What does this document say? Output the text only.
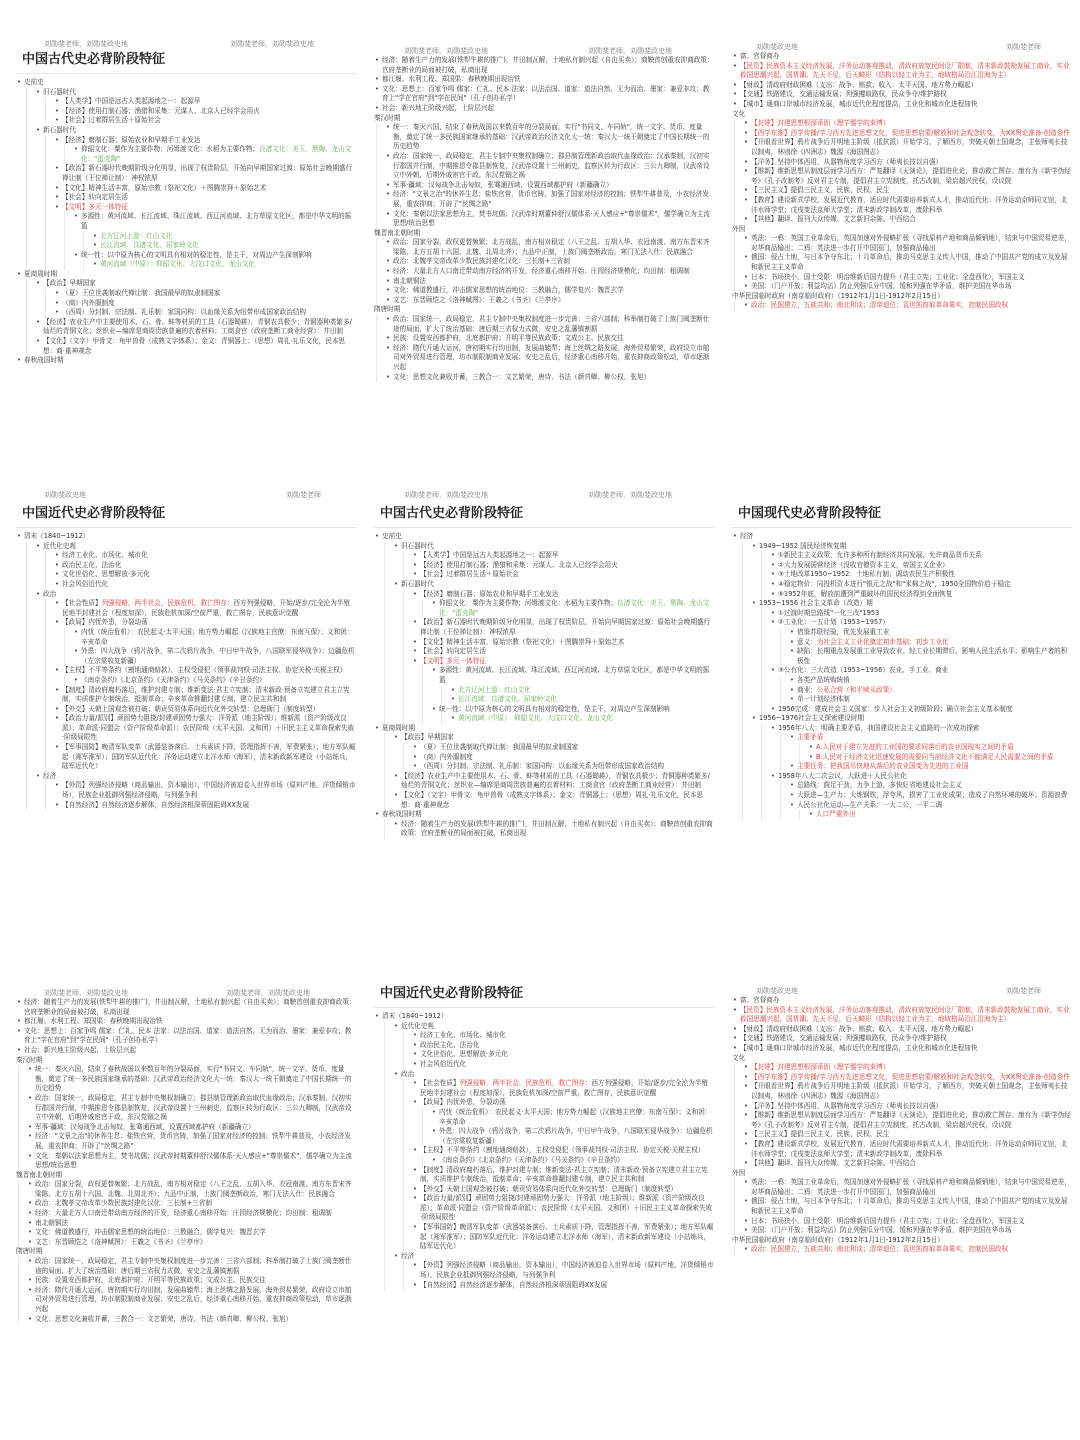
刘勋斐老师，刘勋斐政史地	刘勋斐老师，刘勋斐政史地
中国古代史必背阶段特征
• 史前史
• 旧石器时代
• 【人类学】中国是远古人类起源地之一：起源早
• 【经济】使用打制石器；渔猎和采集：元谋人、北京人已经学会用火
• 【社会】过着群居生活＋原始社会
• 新石器时代
• 【经济】磨制石器；原始农业和早期手工业发达
• 仰韶文化：粟作为主要作物；河姆渡文化：水稻为主要作物；良渚文化：美玉、黑陶、龙山文化："蛋壳陶"
• 【政治】新石器时代晚期阶级分化明显，出现了权贵阶层，开始向早期国家过渡：原始社会晚期盛行禅让制（王位禅让制）：神权浓厚
• 【文化】精神生活丰富，原始宗教（祭祀文化）＋图腾崇拜＋原始艺术
• 【社会】转向定居生活
• 【文明】多元一体特征
• 多源性：黄河流域、长江流域、珠江流域、西辽河流域、北方草原文化区，都是中华文明的摇篮
• 北方辽河上游：红山文化
• 长江流域：良渚文化、屈家岭文化
• 统一性：以中原为核心的文明具有相对的稳定性，是主干，对周边产生深刻影响
• 黄河流域（中原）：仰韶文化、大汶口文化、龙山文化
• 夏商周时期
• 【政治】早期国家
• （夏）王位世袭制取代禅让制：我国最早的奴隶制国家
• （商）内外服制度
• （西周）分封制、宗法制、礼乐制：家国同构：以血缘关系为纽带形成国家政治结构
• 【经济】农业生产中主要使用木、石、骨、蚌等材质的工具（石器锄耕），青铜农具极少；青铜器种类繁多/灿烂的青铜文化；丝织业—编席是商周贵族普遍的衣着材料；工商食官（政府垄断工商业经营）：井田制
• 【文化】（文字）甲骨文：龟甲兽骨（成熟文字体系）；金文：青铜器上；（思想）周礼·礼乐文化，民本思想：商·重神观念
• 春秋战国时期
刘勋斐老师，刘勋斐政史地	刘勋斐老师，刘勋斐政史地
• 经济：随着生产力的发展(铁犁牛耕的推广)，井田制瓦解，土地私有制兴起（自由买卖）；商鞅首创重农抑商政策：官府垄断业的局面被打破，私商出现
• 都江堰、水利工程、郑国渠：春秋晚期出现冶铁
• 文化：思想上：百家争鸣 儒家：仁礼、民本 法家：以法治国、道家：道法自然、无为而治、墨家：兼爱非攻；教育上"学在官府"到"学在民间"（孔子创办私学）
• 社会：新兴地主阶级兴起，士阶层兴起
• 秦汉时期
• 统一：秦灭六国，结束了春秋战国以来数百年的分裂局面，实行"书同文、车同轨"，统一文字、货币、度量衡，奠定了统一多民族国家继承的基础：汉武帝政治经济文化大一统：秦汉大一统王朝奠定了中国长期统一的历史趋势
• 政治：国家统一，政局稳定，君主专制中央集权制确立；郡县制管理新政治取代血缘政治；汉承秦制，汉初实行郡国并行制，中期推恩令郡县制恢复，汉武帝设置十三州刺史，监察区转为行政区：三公九卿制，汉武帝设立中外朝，后期外戚宦官干政，东汉党锢之祸
• 军事·疆域：汉匈战争北击匈奴，张骞通西域，设置西域都护府（新疆确立）
• 经济："文景之治"的休养生息；盐铁官营，货币官铸，加强了国家对经济的控制；铁犁牛耕普及，小农经济发展，重农抑商；开辟了"丝绸之路"
• 文化：秦朝以法家思想为主，焚书坑儒；汉武帝时期董仲舒汉儒体系·天人感应+"尊崇儒术"，儒学确立为主流思想/统治思想
• 魏晋南北朝时期
• 政治：国家分裂，政权更替频繁；北方战乱，南方相对稳定（八王之乱、五胡入华、衣冠南渡、南方东晋宋齐梁陈、北方五胡十六国、北魏、北周北齐）；九品中正制，士族门阀垄断政治，寒门无法入仕：民族融合
• 政治：北魏孝文帝改革少数民族封建化汉化：三长制+三省制
• 经济：大量北方人口南迁带动南方经济的开发，经济重心南移开始：庄园经济规模化；均田制：租调制
• 南北朝铜法
• 文化：佛道教盛行，冲击儒家思想的统治地位：三教融合，儒学复兴：魏晋玄学
• 文艺：东晋顾恺之《洛神赋图》：王羲之《书圣》《兰亭序》
• 隋唐时期
• 政治：国家统一，政局稳定，君主专制中央集权制度进一步完善：三省六部制；科举制打破了士族门阀垄断仕途的局面，扩大了统治基础：唐后期三省权力式微，安史之乱藩镇割据
• 民族：设置安西都护府，北庭都护府；开明平等民族政策；文成公主、民族交往
• 经济：隋代开通大运河，唐初期实行均田制，发展曲辕犁；海上丝绸之路发展，海外贸易繁荣，政府设立市舶司对外贸易进行管理，坊市制限制商业发展；安史之乱后，经济重心南移开始，重农抑商政策松动，草市逐渐兴起
• 文化：思想文化兼收并蓄，三教合一：文艺繁荣，唐诗、书法（颜真卿、柳公权、张旭）
刘勋斐政史地	刘勋斐老师
• 富、官督商办
• 【民资】民族资本主义经济发展，洋务运动客观推动，清政府放宽民间设厂限制，清末新政鼓励发展工商业，实业救国思潮兴起，国货潮、先天不足，后天畸形（结构以轻工业为主，地域格局沿江沿海为主）
• 【财政】清政府财政困难（支出：战争、赔款；收入：太平天国、地方势力崛起）
• 【交通】铁路建设，交通运输发展；列强攫取路权，民众争夺/维护路权
• 【城市】通商口岸城市经济发展，城市近代化程度提高，工业化和城市化进程加快
• 文化
• 【封建】封建思想根深蒂固（理学儒学的束缚）
• 【西学东渐】西学传播/学习西方先进思想文化，促进思想启蒙/解放和社会观念转变，为XX舆论准备·创造条件
• 【开眼看世界】鸦片战争后开明地主阶级（抵抗派）开始学习，了解西方，突破天朝上国观念，主张师夷长技以制夷，林则徐《四洲志》魏源《海国图志》
• 【洋务】坚持中体西用，从器物角度学习西方（师夷长技以自强）
• 【维新】维新思想从制度层面学习西方：严复翻译《天演论》，提倡进化论，推动救亡图存；康有为《新学伪经考》《孔子改制考》反对君主专制，提倡君主立宪制度，托古改制，梁启超兴民权，设议院
• 【三民主义】提倡三民主义，民族、民权、民生
• 【教育】建设新式学校，发展近代教育，适应时代需要培养新式人才，推动近代化：洋务运动京师同文馆，北洋水师学堂；戊戌变法京师大学堂；清末新政学制改革，废除科举
• 【其他】翻译、报刊大众传媒、文艺新旧杂陈、中西结合
• 外因
• 英法：一鸦：英国工业革命后，英国加速对外侵略扩张（寻找原料产地和商品倾销地），结束与中国贸易逆差，对华商品输出；二鸦：英法进一步打开中国国门，加强商品输出
• 俄国：侵占土地，与日本争夺东北；十月革命后，推动马克思主义传入中国，推动了中国共产党的成立及发展和新民主主义革命
• 日本：书场狭小，国土受限：明治维新后国力提升（君主立宪；工业化；全盘西化），军国主义
• 美国：（门户开放；利益均沾）防止列强瓜分中国，缓和列强在华矛盾，维护美国在华市场
• 中华民国临时政府（南京临时政府）（1912年1月1日-1912年2月15日）
• 政治：民国建立，五族共和；南北和谈；清帝退位；袁世凯窃取革命果实，控制民国政权
刘勋斐政史地	刘勋斐老师
中国近代史必背阶段特征
• 清末（1840~1912）
• 近代化史观
• 经济工业化、市场化、城市化
• 政治民主化、法治化
• 文化世俗化、思想解放·多元化
• 社会风俗近代化
• 政治
• 【社会性质】列强侵略，两半社会，民族危机，救亡图存：西方列强侵略，开始/逐步/完全沦为半殖民地半封建社会（程度加深），民族危机加深/空前严重，救亡图存，民族意识觉醒
• 【政局】内忧外患，分裂动荡
• 内忧（统治危机）：农民起义·太平天国；地方势力崛起（汉族地主官僚：东南互保）；义和团：辛亥革命
• 外患：四大战争（鸦片战争，第二次鸦片战争，中日甲午战争，八国联军侵华战争）：边疆危机（左宗棠收复新疆）
• 【主权】不平等条约（割地通商赔款），主权受侵犯（领事裁判权·司法主权、协定关税·关税主权）
• 《南京条约》《北京条约》《天津条约》《马关条约》《辛丑条约》
• 【制度】清政府腐朽落后，维护封建专制；维新变法·君主立宪制；清末新政·预备立宪建立君主立宪制，实质维护专制统治，抵制革命；辛亥革命推翻封建专制，建立民主共和制
• 【外交】天朝上国观念被打破；朝贡贸易体系向近代化外交转型：总理衙门（制度转型）
• 【政治力量/派别】顽固势力阻挠/封建顽固势力强大：洋务派（地主阶级）；维新派（资产阶级改良派）；革命派·同盟会（资产阶级革命派）；农民阶级（太平天国、义和团）＋旧民主主义革命探索失败·阶级局限性
• 【军事国防】晚清军队变革（武器装备落后、士兵素质下降，管理指挥不善，军费紧张）；地方军队崛起（湘军淮军）；国防军队近代化：洋务运动建立北洋水师（海军），清末新政新军建设（小站练兵，陆军近代化）
• 经济
• 【外资】列强经济侵略（商品输出，资本输出），中国经济被迫卷入世界市场（原料产地，洋货倾销市场），民族企业抵御列强经济侵略，与列强争利
• 【自然经济】自然经济逐步解体，自然经济根深蒂固阻碍XX发展
刘勋斐老师，刘勋斐政史地	刘勋斐老师，刘勋斐政史地
中国古代史必背阶段特征
• 史前史
• 旧石器时代
• 【人类学】中国是远古人类起源地之一：起源早
• 【经济】使用打制石器；渔猎和采集：元谋人、北京人已经学会用火
• 【社会】过着群居生活＋原始社会
• 新石器时代
• 【经济】磨制石器；原始农业和早期手工业发达
• 仰韶文化：粟作为主要作物；河姆渡文化：水稻为主要作物；良渚文化：美玉、黑陶、龙山文化："蛋壳陶"
• 【政治】新石器时代晚期阶级分化明显，出现了权贵阶层，开始向早期国家过渡：原始社会晚期盛行禅让制（王位禅让制）：神权浓厚
• 【文化】精神生活丰富，原始宗教（祭祀文化）＋图腾崇拜＋原始艺术
• 【社会】转向定居生活
• 【文明】多元一体特征
• 多源性：黄河流域、长江流域、珠江流域、西辽河流域、北方草原文化区，都是中华文明的摇篮
• 北方辽河上游：红山文化
• 长江流域：良渚文化、屈家岭文化
• 统一性：以中原为核心的文明具有相对的稳定性，是主干，对周边产生深刻影响
• 黄河流域（中原）：仰韶文化、大汶口文化、龙山文化
• 夏商周时期
• 【政治】早期国家
• （夏）王位世袭制取代禅让制：我国最早的奴隶制国家
• （商）内外服制度
• （西周）分封制、宗法制、礼乐制：家国同构：以血缘关系为纽带形成国家政治结构
• 【经济】农业生产中主要使用木、石、骨、蚌等材质的工具（石器锄耕），青铜农具极少；青铜器种类繁多/灿烂的青铜文化；丝织业—编席是商周贵族普遍的衣着材料；工商食官（政府垄断工商业经营）：井田制
• 【文化】（文字）甲骨文：龟甲兽骨（成熟文字体系）；金文：青铜器上；（思想）周礼·礼乐文化，民本思想：商·重神观念
• 春秋战国时期
• 经济：随着生产力的发展(铁犁牛耕的推广)，井田制瓦解，土地私有制兴起（自由买卖）；商鞅首创重农抑商政策：官府垄断业的局面被打破，私商出现
中国现代史必背阶段特征
• 经济
• 1949~1952 国民经济恢复期
• ①新民主主义政策，允许多种所有制经济共同发展，允许商品货币关系
• ②大力发展国营经济（没收官僚资本主义，帝国主义企业）
• ③土地改革1950~1952：土地私有制；调动农民生产积极性
• ④稳定物价：同投机资本进行"银元之战"和"米棉之战"，1950全国物价趋于稳定
• ⑤1952年底，解放前遭到严重破坏的国民经济得到全面恢复
• 1953~1956 社会主义革命（改造）期
• ①过渡时期总路线"一化三改"1953
• ②工业化：一五计划（1953~1957）
• 借鉴苏联经验，优先发展重工业
• 意义：为社会主义工业化奠定初步基础：初步工业化
• 缺陷：长期重点发展重工业导致农业、轻工业长期滞后，影响人民生活水平；影响生产者的积极性
• ③公有化：三大改造（1953~1956）农业、手工业、商业
• 各类产品统购统销
• 商业：公私合营（和平赎买政策）
• 单一计划经济体制
• 1956完成：建成社会主义国家：步入社会主义初级阶段；确立社会主义基本制度
• 1956~1976社会主义探索建设时期
• 1956年八大：明确主要矛盾，我国建设社会主义道路的一次成功探索
• 主要矛盾
• A.人民对于建立先进的工业国的要求同落后的农业国现实之间的矛盾
• B.人民对于经济文化迅速发展的需要同当前经济文化不能满足人民需要之间的矛盾
• 主要任务：把我国尽快地从落后的农业国变为先进的工业国
• 1958年八大二次会议，大跃进＋人民公社化
• 总路线：鼓足干劲，力争上游，多快好省地建设社会主义
• 大跃进—生产力：大炼钢铁，浮夸风，损害了工业化成果；造成了自然环境的破坏；资源浪费
• 人民公社化运动—生产关系：一大二公，一平二调
• 人口严重外出
刘勋斐老师，刘勋斐政史地	刘勋斐老师，刘勋斐政史地
• 经济：随着生产力的发展(铁犁牛耕的推广)，井田制瓦解，土地私有制兴起（自由买卖）；商鞅首创重农抑商政策：官府垄断业的局面被打破，私商出现
• 都江堰、水利工程、郑国渠：春秋晚期出现冶铁
• 文化：思想上：百家争鸣 儒家：仁礼、民本 法家：以法治国、道家：道法自然、无为而治、墨家：兼爱非攻；教育上"学在官府"到"学在民间"（孔子创办私学）
• 社会：新兴地主阶级兴起，士阶层兴起
• 秦汉时期
• 统一：秦灭六国，结束了春秋战国以来数百年的分裂局面，实行"书同文、车同轨"，统一文字、货币、度量衡，奠定了统一多民族国家继承的基础：汉武帝政治经济文化大一统：秦汉大一统王朝奠定了中国长期统一的历史趋势
• 政治：国家统一，政局稳定，君主专制中央集权制确立；郡县制管理新政治取代血缘政治；汉承秦制，汉初实行郡国并行制，中期推恩令郡县制恢复，汉武帝设置十三州刺史，监察区转为行政区：三公九卿制，汉武帝设立中外朝，后期外戚宦官干政，东汉党锢之祸
• 军事·疆域：汉匈战争北击匈奴，张骞通西域，设置西域都护府（新疆确立）
• 经济："文景之治"的休养生息；盐铁官营，货币官铸，加强了国家对经济的控制；铁犁牛耕普及，小农经济发展，重农抑商；开辟了"丝绸之路"
• 文化：秦朝以法家思想为主，焚书坑儒；汉武帝时期董仲舒汉儒体系·天人感应+"尊崇儒术"，儒学确立为主流思想/统治思想
• 魏晋南北朝时期
• 政治：国家分裂，政权更替频繁；北方战乱，南方相对稳定（八王之乱、五胡入华、衣冠南渡、南方东晋宋齐梁陈、北方五胡十六国、北魏、北周北齐）；九品中正制，士族门阀垄断政治，寒门无法入仕：民族融合
• 政治：北魏孝文帝改革少数民族封建化汉化：三长制+三省制
• 经济：大量北方人口南迁带动南方经济的开发，经济重心南移开始：庄园经济规模化；均田制：租调制
• 南北朝铜法
• 文化：佛道教盛行，冲击儒家思想的统治地位：三教融合，儒学复兴：魏晋玄学
• 文艺：东晋顾恺之《洛神赋图》：王羲之《书圣》《兰亭序》
• 隋唐时期
• 政治：国家统一，政局稳定，君主专制中央集权制度进一步完善：三省六部制；科举制打破了士族门阀垄断仕途的局面，扩大了统治基础：唐后期三省权力式微，安史之乱藩镇割据
• 民族：设置安西都护府，北庭都护府；开明平等民族政策；文成公主、民族交往
• 经济：隋代开通大运河，唐初期实行均田制，发展曲辕犁；海上丝绸之路发展，海外贸易繁荣，政府设立市舶司对外贸易进行管理，坊市制限制商业发展；安史之乱后，经济重心南移开始，重农抑商政策松动，草市逐渐兴起
• 文化：思想文化兼收并蓄，三教合一：文艺繁荣，唐诗、书法（颜真卿、柳公权、张旭）
中国近代史必背阶段特征
• 清末（1840~1912）
• 近代化史观
• 经济工业化、市场化、城市化
• 政治民主化、法治化
• 文化世俗化、思想解放·多元化
• 社会风俗近代化
• 政治
• 【社会性质】列强侵略，两半社会，民族危机，救亡图存：西方列强侵略，开始/逐步/完全沦为半殖民地半封建社会（程度加深），民族危机加深/空前严重，救亡图存，民族意识觉醒
• 【政局】内忧外患，分裂动荡
• 内忧（统治危机）：农民起义·太平天国；地方势力崛起（汉族地主官僚：东南互保）；义和团：辛亥革命
• 外患：四大战争（鸦片战争，第二次鸦片战争，中日甲午战争，八国联军侵华战争）：边疆危机（左宗棠收复新疆）
• 【主权】不平等条约（割地通商赔款），主权受侵犯（领事裁判权·司法主权、协定关税·关税主权）
• 《南京条约》《北京条约》《天津条约》《马关条约》《辛丑条约》
• 【制度】清政府腐朽落后，维护封建专制；维新变法·君主立宪制；清末新政·预备立宪建立君主立宪制，实质维护专制统治，抵制革命；辛亥革命推翻封建专制，建立民主共和制
• 【外交】天朝上国观念被打破；朝贡贸易体系向近代化外交转型：总理衙门（制度转型）
• 【政治力量/派别】顽固势力阻挠/封建顽固势力强大：洋务派（地主阶级）；维新派（资产阶级改良派）；革命派·同盟会（资产阶级革命派）；农民阶级（太平天国、义和团）＋旧民主主义革命探索失败·阶级局限性
• 【军事国防】晚清军队变革（武器装备落后、士兵素质下降，管理指挥不善，军费紧张）；地方军队崛起（湘军淮军）；国防军队近代化：洋务运动建立北洋水师（海军），清末新政新军建设（小站练兵，陆军近代化）
• 经济
• 【外资】列强经济侵略（商品输出，资本输出），中国经济被迫卷入世界市场（原料产地，洋货倾销市场），民族企业抵御列强经济侵略，与列强争利
• 【自然经济】自然经济逐步解体，自然经济根深蒂固阻碍XX发展
刘勋斐政史地	刘勋斐老师
• 富、官督商办
• 【民资】民族资本主义经济发展，洋务运动客观推动，清政府放宽民间设厂限制，清末新政鼓励发展工商业，实业救国思潮兴起，国货潮、先天不足，后天畸形（结构以轻工业为主，地域格局沿江沿海为主）
• 【财政】清政府财政困难（支出：战争、赔款；收入：太平天国、地方势力崛起）
• 【交通】铁路建设，交通运输发展；列强攫取路权，民众争夺/维护路权
• 【城市】通商口岸城市经济发展，城市近代化程度提高，工业化和城市化进程加快
• 文化
• 【封建】封建思想根深蒂固（理学儒学的束缚）
• 【西学东渐】西学传播/学习西方先进思想文化，促进思想启蒙/解放和社会观念转变，为XX舆论准备·创造条件
• 【开眼看世界】鸦片战争后开明地主阶级（抵抗派）开始学习，了解西方，突破天朝上国观念，主张师夷长技以制夷，林则徐《四洲志》魏源《海国图志》
• 【洋务】坚持中体西用，从器物角度学习西方（师夷长技以自强）
• 【维新】维新思想从制度层面学习西方：严复翻译《天演论》，提倡进化论，推动救亡图存；康有为《新学伪经考》《孔子改制考》反对君主专制，提倡君主立宪制度，托古改制，梁启超兴民权，设议院
• 【三民主义】提倡三民主义，民族、民权、民生
• 【教育】建设新式学校，发展近代教育，适应时代需要培养新式人才，推动近代化：洋务运动京师同文馆，北洋水师学堂；戊戌变法京师大学堂；清末新政学制改革，废除科举
• 【其他】翻译、报刊大众传媒、文艺新旧杂陈、中西结合
• 外因
• 英法：一鸦：英国工业革命后，英国加速对外侵略扩张（寻找原料产地和商品倾销地），结束与中国贸易逆差，对华商品输出；二鸦：英法进一步打开中国国门，加强商品输出
• 俄国：侵占土地，与日本争夺东北；十月革命后，推动马克思主义传入中国，推动了中国共产党的成立及发展和新民主主义革命
• 日本：书场狭小，国土受限：明治维新后国力提升（君主立宪；工业化；全盘西化），军国主义
• 美国：（门户开放；利益均沾）防止列强瓜分中国，缓和列强在华矛盾，维护美国在华市场
• 中华民国临时政府（南京临时政府）（1912年1月1日-1912年2月15日）
• 政治：民国建立，五族共和；南北和谈；清帝退位；袁世凯窃取革命果实，控制民国政权
